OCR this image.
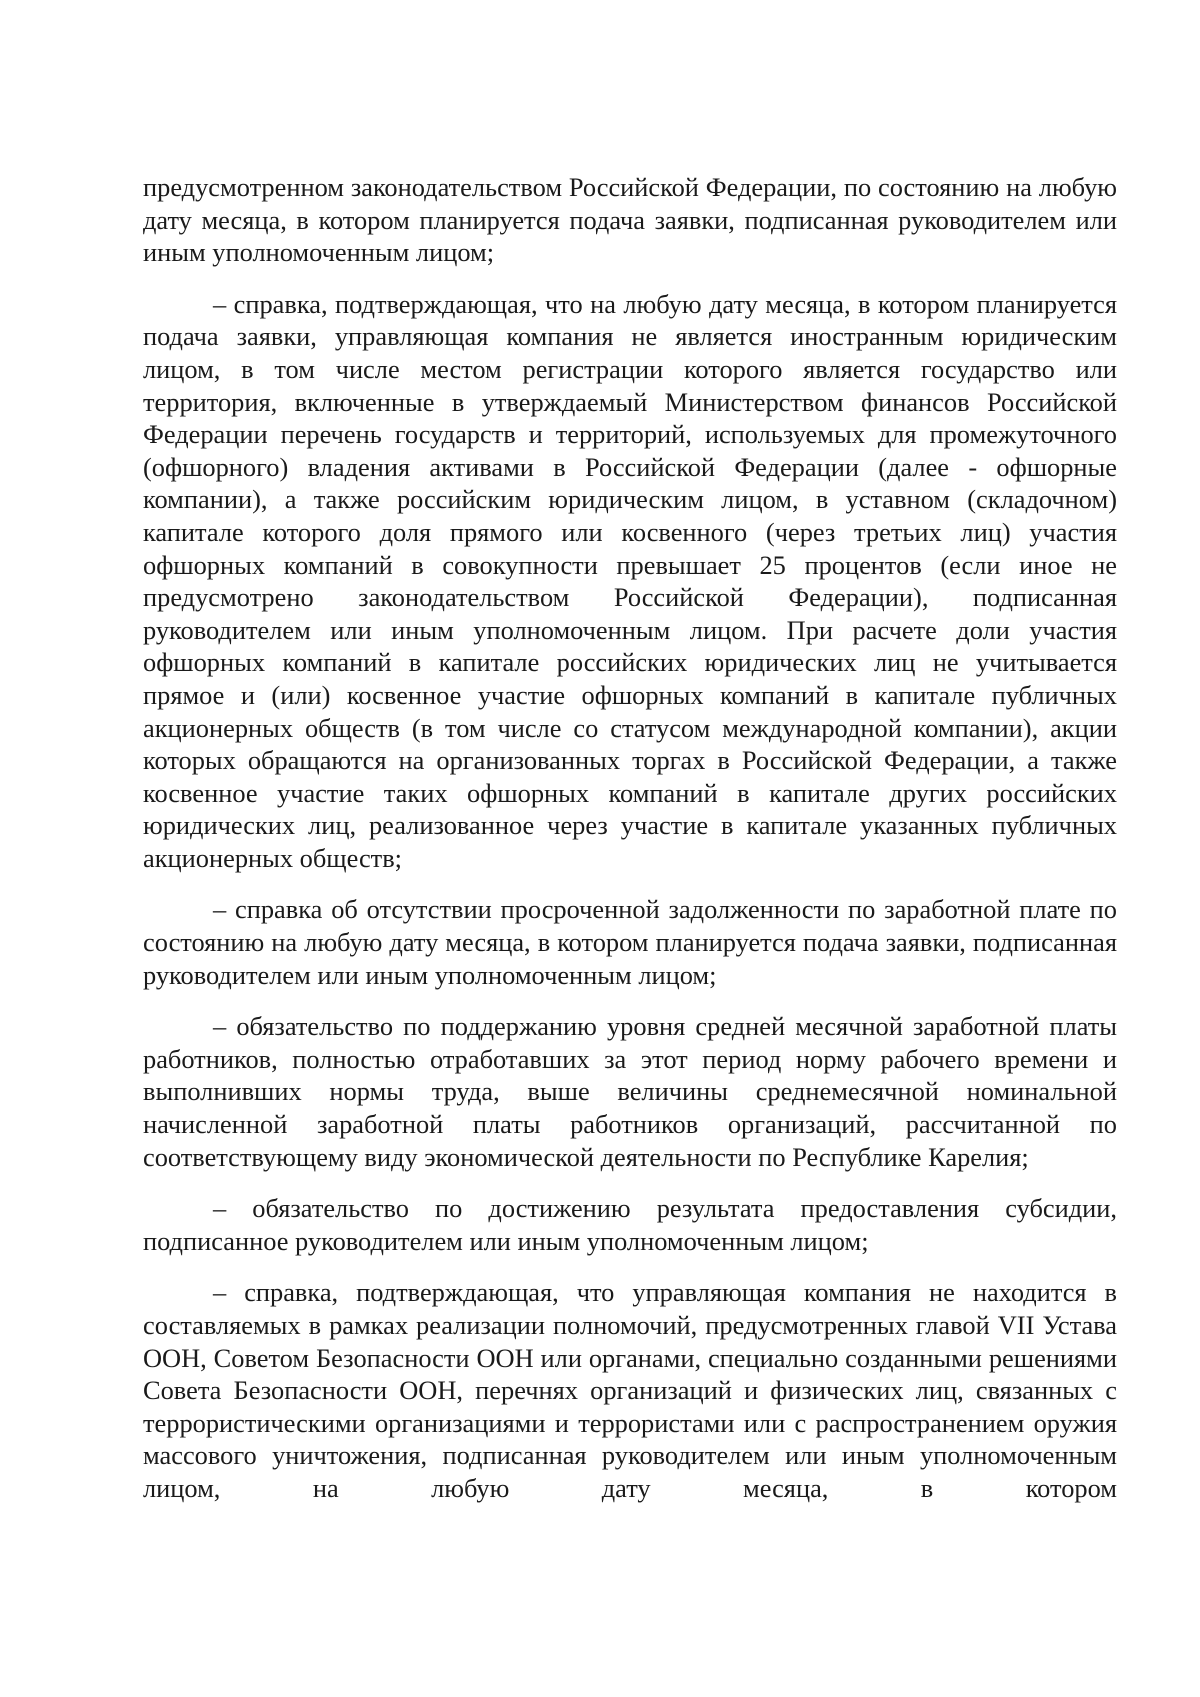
предусмотренном законодательством Российской Федерации, по состоянию на любую дату месяца, в котором планируется подача заявки, подписанная руководителем или иным уполномоченным лицом;

– справка, подтверждающая, что на любую дату месяца, в котором планируется подача заявки, управляющая компания не является иностранным юридическим лицом, в том числе местом регистрации которого является государство или территория, включенные в утверждаемый Министерством финансов Российской Федерации перечень государств и территорий, используемых для промежуточного (офшорного) владения активами в Российской Федерации (далее - офшорные компании), а также российским юридическим лицом, в уставном (складочном) капитале которого доля прямого или косвенного (через третьих лиц) участия офшорных компаний в совокупности превышает 25 процентов (если иное не предусмотрено законодательством Российской Федерации), подписанная руководителем или иным уполномоченным лицом. При расчете доли участия офшорных компаний в капитале российских юридических лиц не учитывается прямое и (или) косвенное участие офшорных компаний в капитале публичных акционерных обществ (в том числе со статусом международной компании), акции которых обращаются на организованных торгах в Российской Федерации, а также косвенное участие таких офшорных компаний в капитале других российских юридических лиц, реализованное через участие в капитале указанных публичных акционерных обществ;

– справка об отсутствии просроченной задолженности по заработной плате по состоянию на любую дату месяца, в котором планируется подача заявки, подписанная руководителем или иным уполномоченным лицом;

– обязательство по поддержанию уровня средней месячной заработной платы работников, полностью отработавших за этот период норму рабочего времени и выполнивших нормы труда, выше величины среднемесячной номинальной начисленной заработной платы работников организаций, рассчитанной по соответствующему виду экономической деятельности по Республике Карелия;

– обязательство по достижению результата предоставления субсидии, подписанное руководителем или иным уполномоченным лицом;

– справка, подтверждающая, что управляющая компания не находится в составляемых в рамках реализации полномочий, предусмотренных главой VII Устава ООН, Советом Безопасности ООН или органами, специально созданными решениями Совета Безопасности ООН, перечнях организаций и физических лиц, связанных с террористическими организациями и террористами или с распространением оружия массового уничтожения, подписанная руководителем или иным уполномоченным лицом, на любую дату месяца, в котором
